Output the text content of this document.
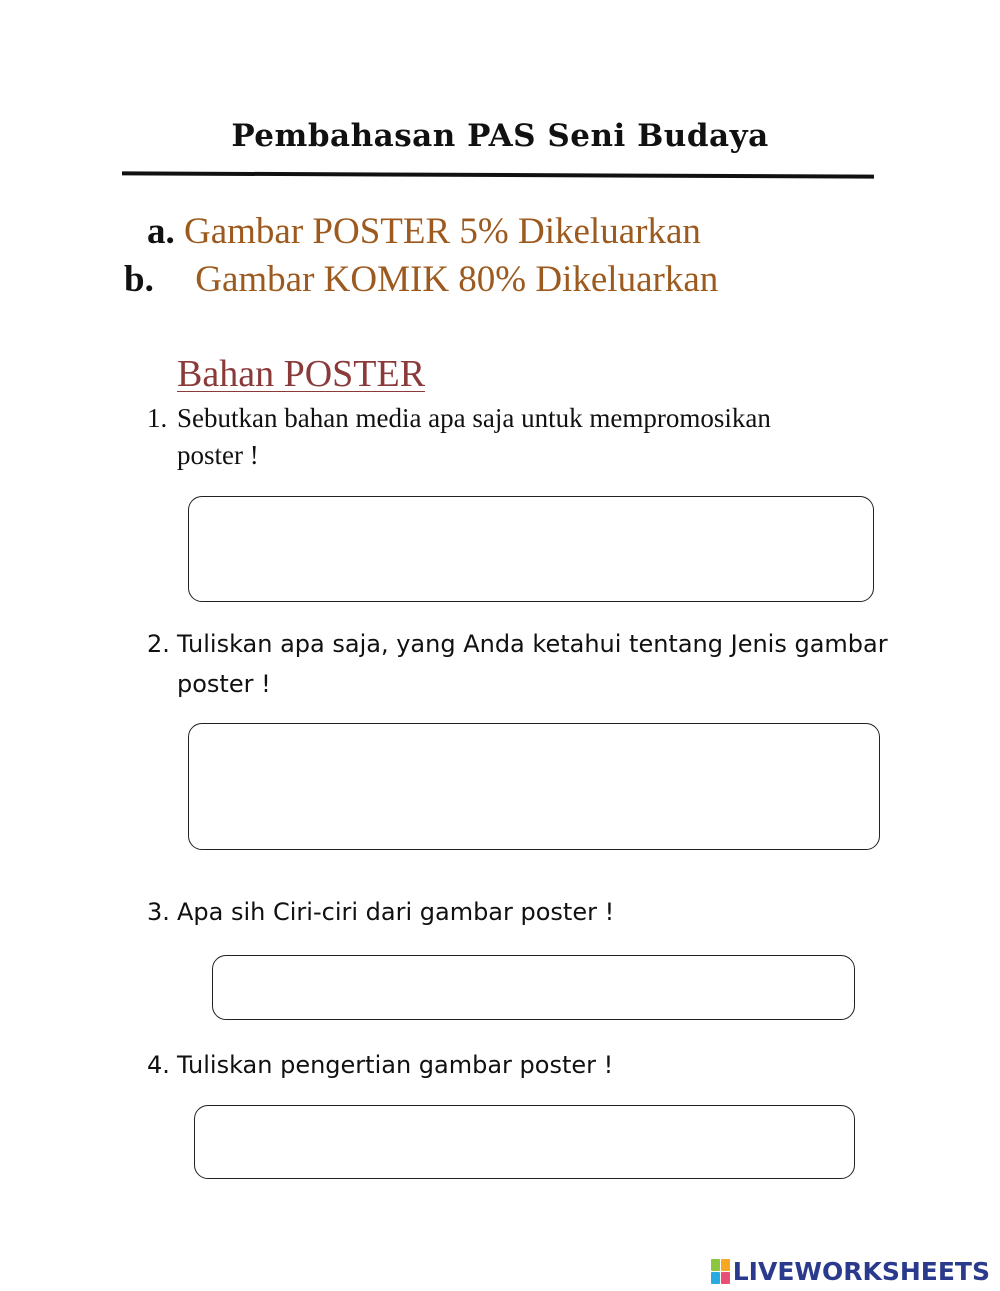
Pembahasan PAS Seni Budaya
a. Gambar POSTER 5% Dikeluarkan
b. Gambar KOMIK 80% Dikeluarkan
Bahan POSTER
1. Sebutkan bahan media apa saja untuk mempromosikan
poster !
2. Tuliskan apa saja, yang Anda ketahui tentang Jenis gambar
poster !
3. Apa sih Ciri-ciri dari gambar poster !
4. Tuliskan pengertian gambar poster !
LIVEWORKSHEETS
